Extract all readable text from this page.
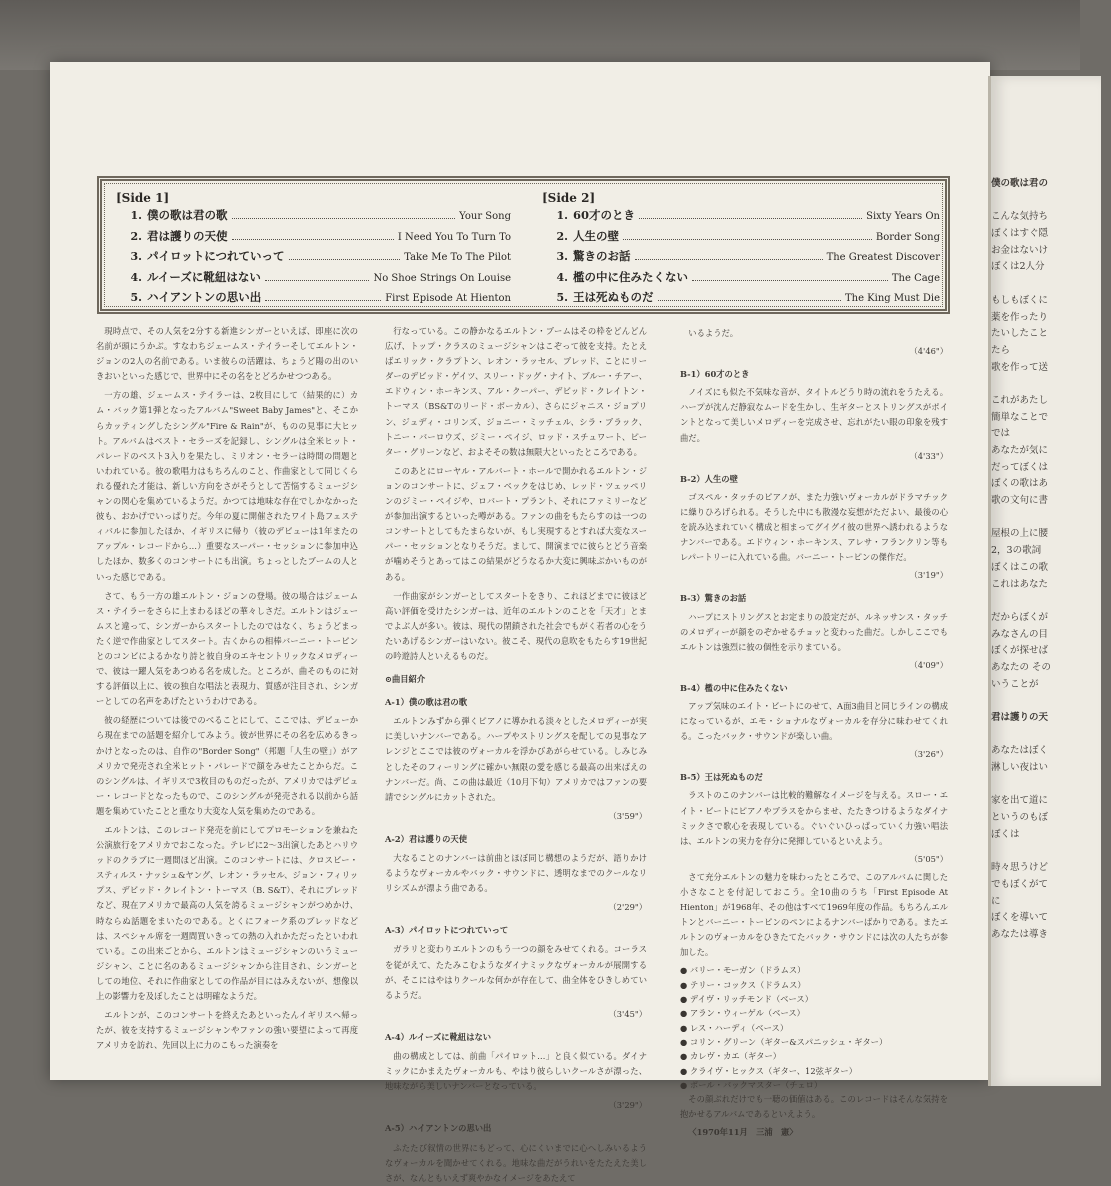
僕の歌は君の
こんな気持ち
ぼくはすぐ隠
お金はないけ
ぼくは2人分
もしもぼくに
薬を作ったり
たいしたこと
たら
歌を作って送
これがあたし
簡単なことで
では
あなたが気に
だってぼくは
ぼくの歌はあ
歌の文句に書
屋根の上に腰
2，3の歌詞
ぼくはこの歌
これはあなた
だからぼくが
みなさんの目
ぼくが探せば
あなたの その
いうことが
君は護りの天
あなたはぼく
淋しい夜はい
家を出て道に
というのもぼ
ぼくは
時々思うけど
でもぼくがて
に
ぼくを導いて
あなたは導き
[Side 1]
1. 僕の歌は君の歌	Your Song
2. 君は護りの天使	I Need You To Turn To
3. パイロットにつれていって	Take Me To The Pilot
4. ルイーズに靴紐はない	No Shoe Strings On Louise
5. ハイアントンの思い出	First Episode At Hienton
[Side 2]
1. 60才のとき	Sixty Years On
2. 人生の壁	Border Song
3. 驚きのお話	The Greatest Discover
4. 檻の中に住みたくない	The Cage
5. 王は死ぬものだ	The King Must Die

現時点で、その人気を2分する新進シンガーといえば、即座に次の名前が頭にうかぶ。すなわちジェームス・テイラーそしてエルトン・ジョンの2人の名前である。いま彼らの活躍は、ちょうど陽の出のいきおいといった感じで、世界中にその名をとどろかせつつある。

一方の雄、ジェームス・テイラーは、2枚目にして（結果的に）カム・バック第1弾となったアルバム"Sweet Baby James"と、そこからカッティングしたシングル"Fire & Rain"が、ものの見事に大ヒット。アルバムはベスト・セラーズを記録し、シングルは全米ヒット・パレードのベスト3入りを果たし、ミリオン・セラーは時間の問題といわれている。彼の歌唱力はもちろんのこと、作曲家として同じくられる優れた才能は、新しい方向をさがそうとして苦悩するミュージシャンの関心を集めているようだ。かつては地味な存在でしかなかった彼も、おかげでいっぱりだ。今年の夏に開催されたワイト島フェスティバルに参加したほか、イギリスに帰り（彼のデビューは1年またのアップル・レコードから…）重要なスーパー・セッションに参加申込したほか、数多くのコンサートにも出演。ちょっとしたブームの人といった感じである。

さて、もう一方の雄エルトン・ジョンの登場。彼の場合はジェームス・テイラーをさらに上まわるほどの華々しさだ。エルトンはジェームスと違って、シンガーからスタートしたのではなく、ちょうどまったく逆で作曲家としてスタート。古くからの相棒バーニー・トーピンとのコンビによるかなり詩と彼自身のエキセントリックなメロディーで、彼は一躍人気をあつめる名を成した。ところが、曲そのものに対する評価以上に、彼の独自な唱法と表現力、質感が注目され、シンガーとしての名声をあげたというわけである。

彼の経歴については後でのべることにして、ここでは、デビューから現在までの話題を紹介してみよう。彼が世界にその名を広めるきっかけとなったのは、自作の"Border Song"（邦題「人生の壁」）がアメリカで発売され全米ヒット・パレードで顔をみせたことからだ。このシングルは、イギリスで3枚目のものだったが、アメリカではデビュー・レコードとなったもので、このシングルが発売される以前から話題を集めていたことと重なり大変な人気を集めたのである。

エルトンは、このレコード発売を前にしてプロモーションを兼ねた公演旅行をアメリカでおこなった。テレビに2〜3出演したあとハリウッドのクラブに一週間ほど出演。このコンサートには、クロスビー・スティルス・ナッシュ&ヤング、レオン・ラッセル、ジョン・フィリップス、デビッド・クレイトン・トーマス（B. S&T）、それにブレッドなど、現在アメリカで最高の人気を誇るミュージシャンがつめかけ、時ならぬ話題をまいたのである。とくにフォーク系のブレッドなどは、スペシャル席を一週間買いきっての熱の入れかただったといわれている。この出来ごとから、エルトンはミュージシャンのいうミュージシャン、ことに名のあるミュージシャンから注目され、シンガーとしての地位、それに作曲家としての作品が目にはみえないが、想像以上の影響力を及ぼしたことは明確なようだ。

エルトンが、このコンサートを終えたあといったんイギリスへ帰ったが、彼を支持するミュージシャンやファンの強い要望によって再度アメリカを訪れ、先回以上に力のこもった演奏を

行なっている。この静かなるエルトン・ブームはその枠をどんどん広げ、トップ・クラスのミュージシャンはこぞって彼を支持。たとえばエリック・クラプトン、レオン・ラッセル、ブレッド、ことにリーダーのデビッド・ゲイツ、スリー・ドッグ・ナイト、ブルー・チアー、エドウィン・ホーキンス、アル・クーパー、デビッド・クレイトン・トーマス（BS&Tのリード・ボーカル）、さらにジャニス・ジョプリン、ジュディ・コリンズ、ジョニー・ミッチェル、シラ・ブラック、トニー・バーロウズ、ジミー・ペイジ、ロッド・スチュワート、ピーター・グリーンなど、およそその数は無限大といったところである。

このあとにローヤル・アルバート・ホールで開かれるエルトン・ジョンのコンサートに、ジェフ・ベックをはじめ、レッド・ツェッペリンのジミー・ペイジや、ロバート・プラント、それにファミリーなどが参加出演するといった噂がある。ファンの曲をもたらすのは一つのコンサートとしてもたまらないが、もし実現するとすれば大変なスーパー・セッションとなりそうだ。まして、開演までに彼らとどう音楽が噛めそうとあってはこの結果がどうなるか大変に興味ぶかいものがある。

一作曲家がシンガーとしてスタートをきり、これほどまでに彼ほど高い評価を受けたシンガーは、近年のエルトンのことを「天才」とまでよぶ人が多い。彼は、現代の閉鎖された社会でもがく若者の心をうたいあげるシンガーはいない。彼こそ、現代の息吹をもたらす19世紀の吟遊詩人といえるものだ。

⊙曲目紹介

A-1）僕の歌は君の歌

エルトンみずから弾くピアノに導かれる淡々としたメロディーが実に美しいナンバーである。ハープやストリングスを配しての見事なアレンジとここでは彼のヴォーカルを浮かびあがらせている。しみじみとしたそのフィーリングに確かい無限の愛を感じる最高の出来ばえのナンバーだ。尚、この曲は最近（10月下旬）アメリカではファンの要請でシングルにカットされた。

（3'59"）

A-2）君は護りの天使

大なることのナンバーは前曲とほぼ同じ構想のようだが、語りかけるようなヴォーカルやバック・サウンドに、透明なまでのクールなリリシズムが漂よう曲である。

（2'29"）

A-3）パイロットにつれていって

ガラリと変わりエルトンのもう一つの顔をみせてくれる。コーラスを従がえて、たたみこむようなダイナミックなヴォーカルが展開するが、そこにはやはりクールな何かが存在して、曲全体をひきしめているようだ。

（3'45"）

A-4）ルイーズに靴紐はない

曲の構成としては、前曲「パイロット…」と良く似ている。ダイナミックにかまえたヴォーカルも、やはり彼らしいクールさが漂った、地味ながら美しいナンバーとなっている。

（3'29"）

A-5）ハイアントンの思い出

ふたたび叙情の世界にもどって、心にくいまでに心へしみいるようなヴォーカルを聞かせてくれる。地味な曲だがうれいをたたえた美しさが、なんともいえず爽やかなイメージをあたえて

いるようだ。

（4'46"）

B-1）60才のとき

ノイズにも似た不気味な音が、タイトルどうり時の流れをうたえる。ハープが沈んだ静寂なムードを生かし、生ギターとストリングスがポイントとなって美しいメロディーを完成させ、忘れがたい眼の印象を残す曲だ。

（4'33"）

B-2）人生の壁

ゴスペル・タッチのピアノが、また力強いヴォーカルがドラマチックに繰りひろげられる。そうした中にも散漫な妄想がただよい、最後の心を読み込まれていく構成と相まってグイグイ彼の世界へ誘われるようなナンバーである。エドウィン・ホーキンス、アレサ・フランクリン等もレパートリーに入れている曲。バーニー・トーピンの傑作だ。

（3'19"）

B-3）驚きのお話

ハープにストリングスとお定まりの設定だが、ルネッサンス・タッチのメロディーが顔をのぞかせるチョッと変わった曲だ。しかしここでもエルトンは強烈に彼の個性を示りまている。

（4'09"）

B-4）檻の中に住みたくない

アップ気味のエイト・ビートにのせて、A面3曲目と同じラインの構成になっているが、エモ・ショナルなヴォーカルを存分に味わせてくれる。こったバック・サウンドが楽しい曲。

（3'26"）

B-5）王は死ぬものだ

ラストのこのナンバーは比較的難解なイメージを与える。スロー・エイト・ビートにピアノやブラスをからませ、たたきつけるようなダイナミックさで歌心を表現している。ぐいぐいひっぱっていく力強い唱法は、エルトンの実力を存分に発揮しているといえよう。

（5'05"）

さて充分エルトンの魅力を味わったところで、このアルバムに関した小さなことを付記しておこう。全10曲のうち「First Episode At Hienton」が1968年、その他はすべて1969年度の作品。もちろんエルトンとバーニー・トーピンのペンによるナンバーばかりである。またエルトンのヴォーカルをひきたてたバック・サウンドには次の人たちが参加した。

● バリー・モーガン（ドラムス）
● テリー・コックス（ドラムス）
● デイヴ・リッチモンド（ベース）
● アラン・ウィーゲル（ベース）
● レス・ハーディ（ベース）
● コリン・グリーン（ギター&スパニッシュ・ギター）
● カレヴ・カエ（ギター）
● クライヴ・ヒックス（ギター、12弦ギター）
● ポール・バックマスター（チェロ）

その顔ぶれだけでも一聴の価値はある。このレコードはそんな気持を抱かせるアルバムであるといえよう。

〈1970年11月　三浦　憲〉
